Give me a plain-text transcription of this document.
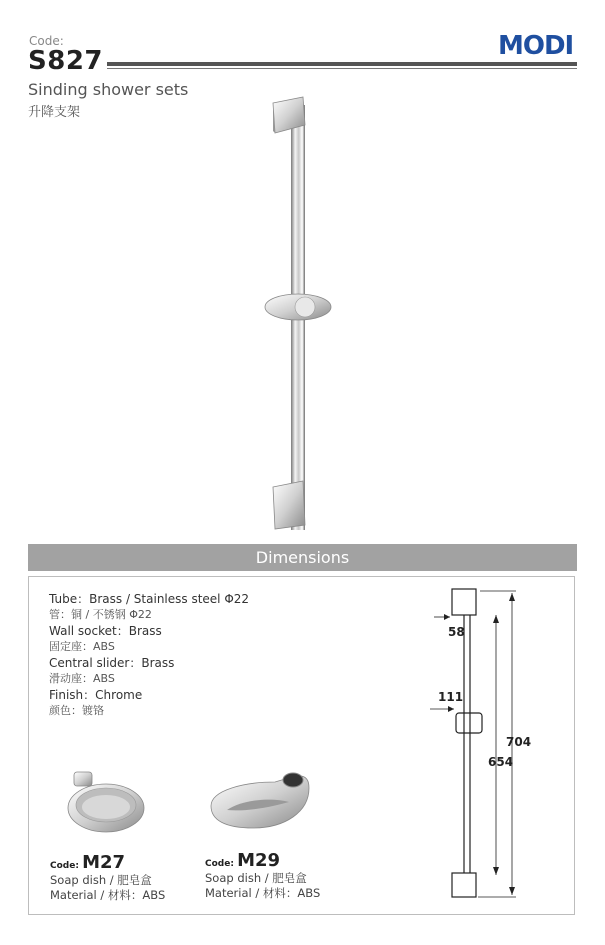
Code:
S827	MODI
Sinding shower sets
升降支架
Dimensions
Tube：Brass / Stainless steel Φ22
管：铜 / 不锈钢 Φ22
Wall socket：Brass
固定座：ABS
Central slider：Brass
滑动座：ABS
Finish：Chrome
颜色：镀铬
Code: M27
Soap dish / 肥皂盒
Material / 材料：ABS
Code: M29
Soap dish / 肥皂盒
Material / 材料：ABS
58
111
704
654
